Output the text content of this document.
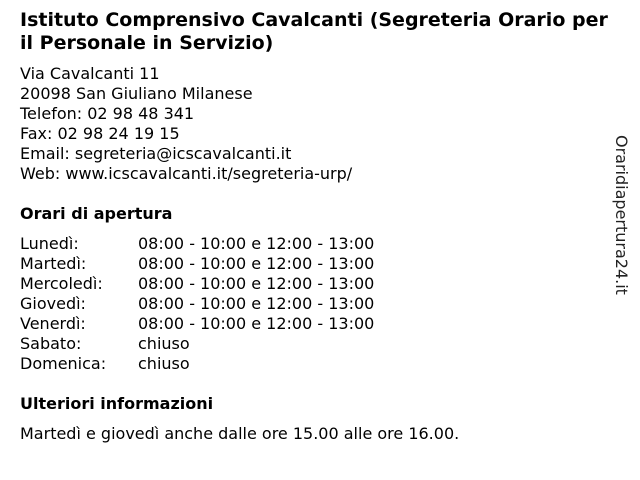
Istituto Comprensivo Cavalcanti (Segreteria Orario per il Personale in Servizio)
Via Cavalcanti 11
20098 San Giuliano Milanese
Telefon: 02 98 48 341
Fax: 02 98 24 19 15
Email: segreteria@icscavalcanti.it
Web: www.icscavalcanti.it/segreteria-urp/
Orari di apertura
Lunedì:	08:00 - 10:00 e 12:00 - 13:00
Martedì:	08:00 - 10:00 e 12:00 - 13:00
Mercoledì: 08:00 - 10:00 e 12:00 - 13:00
Giovedì:	08:00 - 10:00 e 12:00 - 13:00
Venerdì:	08:00 - 10:00 e 12:00 - 13:00
Sabato:	chiuso
Domenica: chiuso
Ulteriori informazioni
Martedì e giovedì anche dalle ore 15.00 alle ore 16.00.
Oraridiapertura24.it
